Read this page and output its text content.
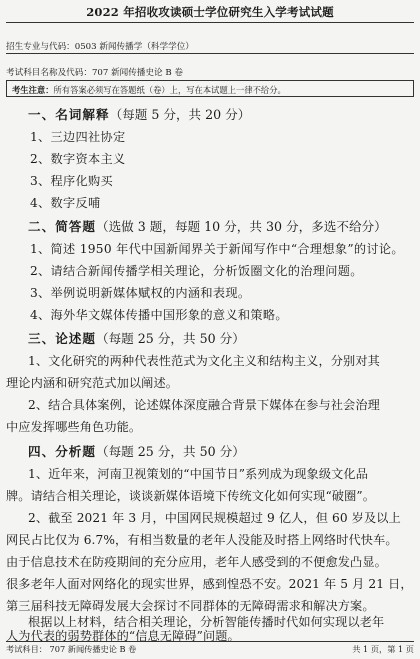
2022 年招收攻读硕士学位研究生入学考试试题
招生专业与代码：0503 新闻传播学（科学学位）
考试科目名称及代码：707 新闻传播史论 B 卷
考生注意：所有答案必须写在答题纸（卷）上，写在本试题上一律不给分。
一、名词解释（每题 5 分，共 20 分）
1、三边四社协定
2、数字资本主义
3、程序化购买
4、数字反哺
二、简答题（选做 3 题，每题 10 分，共 30 分，多选不给分）
1、简述 1950 年代中国新闻界关于新闻写作中“合理想象”的讨论。
2、请结合新闻传播学相关理论，分析饭圈文化的治理问题。
3、举例说明新媒体赋权的内涵和表现。
4、海外华文媒体传播中国形象的意义和策略。
三、论述题（每题 25 分，共 50 分）
1、文化研究的两种代表性范式为文化主义和结构主义，分别对其
理论内涵和研究范式加以阐述。
2、结合具体案例，论述媒体深度融合背景下媒体在参与社会治理
中应发挥哪些角色功能。
四、分析题（每题 25 分，共 50 分）
1、近年来，河南卫视策划的“中国节日”系列成为现象级文化品
牌。请结合相关理论，谈谈新媒体语境下传统文化如何实现“破圈”。
2、截至 2021 年 3 月，中国网民规模超过 9 亿人，但 60 岁及以上
网民占比仅为 6.7%，有相当数量的老年人没能及时搭上网络时代快车。
由于信息技术在防疫期间的充分应用，老年人感受到的不便愈发凸显。
很多老年人面对网络化的现实世界，感到惶恐不安。2021 年 5 月 21 日，
第三届科技无障碍发展大会探讨不同群体的无障碍需求和解决方案。
根据以上材料，结合相关理论，分析智能传播时代如何实现以老年
人为代表的弱势群体的“信息无障碍”问题。
考试科目： 707 新闻传播史论 B 卷	共 1 页，第 1 页
